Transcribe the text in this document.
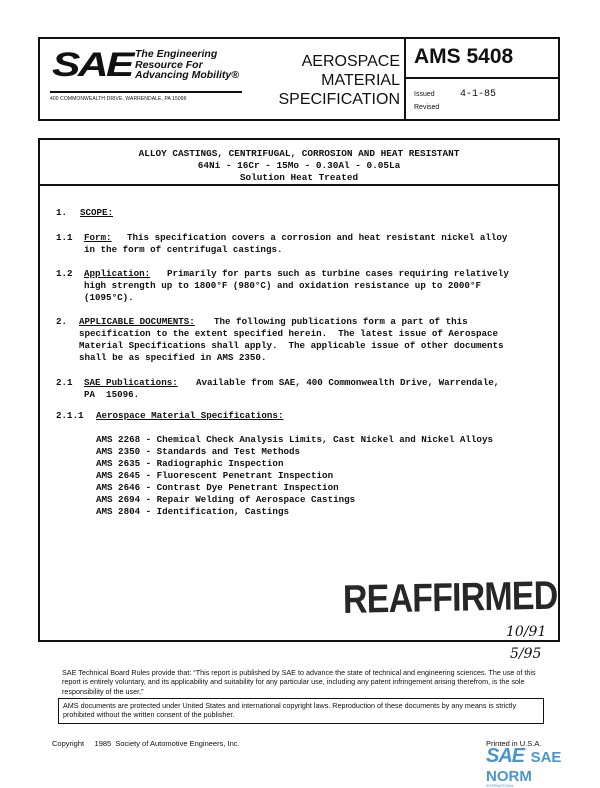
SAE The Engineering
Resource For
Advancing Mobility®
400 COMMONWEALTH DRIVE, WARRENDALE, PA 15096
AEROSPACE
MATERIAL
SPECIFICATION
AMS 5408
Issued	4-1-85
Revised
ALLOY CASTINGS, CENTRIFUGAL, CORROSION AND HEAT RESISTANT
64Ni - 16Cr - 15Mo - 0.30Al - 0.05La
Solution Heat Treated
1. SCOPE:
1.1 Form: This specification covers a corrosion and heat resistant nickel alloy
in the form of centrifugal castings.
1.2 Application: Primarily for parts such as turbine cases requiring relatively
high strength up to 1800°F (980°C) and oxidation resistance up to 2000°F
(1095°C).
2. APPLICABLE DOCUMENTS: The following publications form a part of this
specification to the extent specified herein.  The latest issue of Aerospace
Material Specifications shall apply.  The applicable issue of other documents
shall be as specified in AMS 2350.
2.1 SAE Publications: Available from SAE, 400 Commonwealth Drive, Warrendale,
PA  15096.
2.1.1 Aerospace Material Specifications:
AMS 2268 - Chemical Check Analysis Limits, Cast Nickel and Nickel Alloys
AMS 2350 - Standards and Test Methods
AMS 2635 - Radiographic Inspection
AMS 2645 - Fluorescent Penetrant Inspection
AMS 2646 - Contrast Dye Penetrant Inspection
AMS 2694 - Repair Welding of Aerospace Castings
AMS 2804 - Identification, Castings
REAFFIRMED
10/91
5/95
SAE Technical Board Rules provide that: “This report is published by SAE to advance the state of technical and engineering sciences. The use of this report is entirely voluntary, and its applicability and suitability for any particular use, including any patent infringement arising therefrom, is the sole responsibility of the user.”
AMS documents are protected under United States and international copyright laws. Reproduction of these documents by any means is strictly prohibited without the written consent of the publisher.
Copyright     1985  Society of Automotive Engineers, Inc.	Printed in U.S.A.
SAE SAE NORM
INTERNATIONAL
